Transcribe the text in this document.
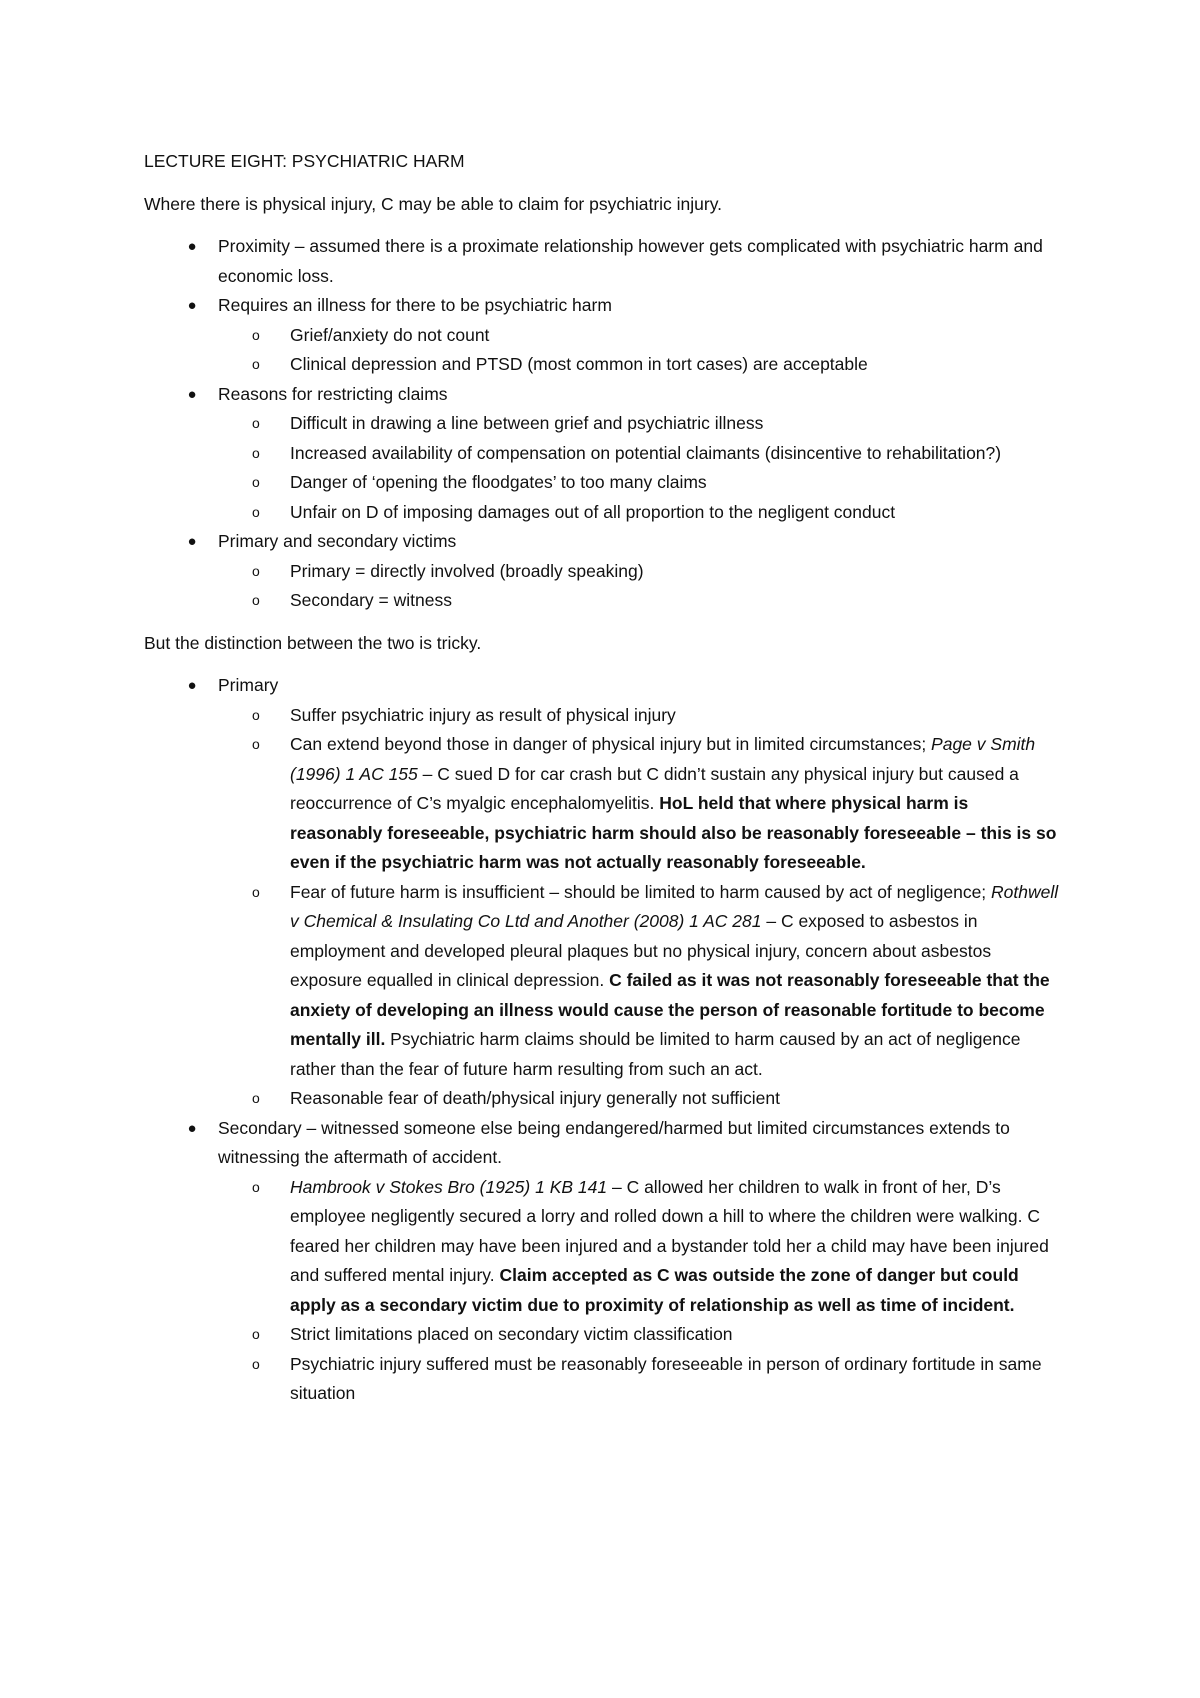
LECTURE EIGHT: PSYCHIATRIC HARM
Where there is physical injury, C may be able to claim for psychiatric injury.
● Proximity – assumed there is a proximate relationship however gets complicated with psychiatric harm and economic loss.
● Requires an illness for there to be psychiatric harm
o Grief/anxiety do not count
o Clinical depression and PTSD (most common in tort cases) are acceptable
● Reasons for restricting claims
o Difficult in drawing a line between grief and psychiatric illness
o Increased availability of compensation on potential claimants (disincentive to rehabilitation?)
o Danger of ‘opening the floodgates’ to too many claims
o Unfair on D of imposing damages out of all proportion to the negligent conduct
● Primary and secondary victims
o Primary = directly involved (broadly speaking)
o Secondary = witness
But the distinction between the two is tricky.
● Primary
o Suffer psychiatric injury as result of physical injury
o Can extend beyond those in danger of physical injury but in limited circumstances; Page v Smith (1996) 1 AC 155 – C sued D for car crash but C didn’t sustain any physical injury but caused a reoccurrence of C’s myalgic encephalomyelitis. HoL held that where physical harm is reasonably foreseeable, psychiatric harm should also be reasonably foreseeable – this is so even if the psychiatric harm was not actually reasonably foreseeable.
o Fear of future harm is insufficient – should be limited to harm caused by act of negligence; Rothwell v Chemical & Insulating Co Ltd and Another (2008) 1 AC 281 – C exposed to asbestos in employment and developed pleural plaques but no physical injury, concern about asbestos exposure equalled in clinical depression. C failed as it was not reasonably foreseeable that the anxiety of developing an illness would cause the person of reasonable fortitude to become mentally ill. Psychiatric harm claims should be limited to harm caused by an act of negligence rather than the fear of future harm resulting from such an act.
o Reasonable fear of death/physical injury generally not sufficient
● Secondary – witnessed someone else being endangered/harmed but limited circumstances extends to witnessing the aftermath of accident.
o Hambrook v Stokes Bro (1925) 1 KB 141 – C allowed her children to walk in front of her, D’s employee negligently secured a lorry and rolled down a hill to where the children were walking. C feared her children may have been injured and a bystander told her a child may have been injured and suffered mental injury. Claim accepted as C was outside the zone of danger but could apply as a secondary victim due to proximity of relationship as well as time of incident.
o Strict limitations placed on secondary victim classification
o Psychiatric injury suffered must be reasonably foreseeable in person of ordinary fortitude in same situation
